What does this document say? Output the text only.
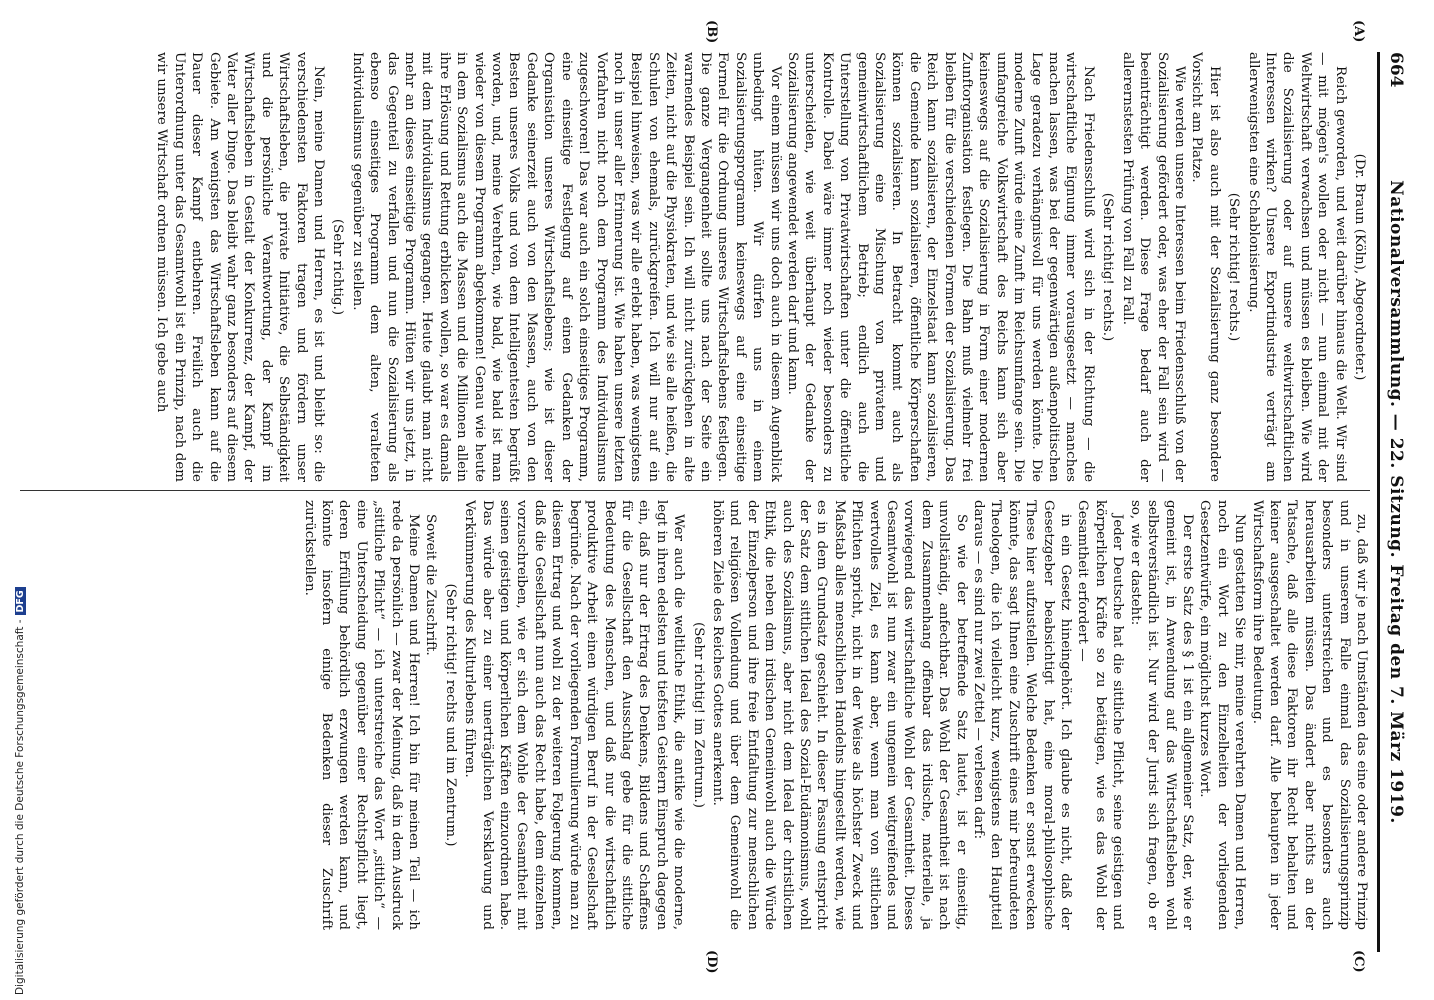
Digitalisierung gefördert durch die Deutsche Forschungsgemeinschaft -DFG
664
Nationalversammlung. — 22. Sitzung. Freitag den 7. März 1919.
(A)
(B)
(C)
(D)

(Dr. Braun (Köln), Abgeordneter.)

Reich geworden, und weit darüber hinaus die Welt. Wir sind — mit mögen's wollen oder nicht — nun einmal mit der Weltwirtschaft verwachsen und müssen es bleiben. Wie wird die Sozialisierung oder auf unsere weltwirtschaftlichen Interessen wirken? Unsere Exportindustrie verträgt am allerwenigsten eine Schablonisierung.

(Sehr richtig! rechts.)

Hier ist also auch mit der Sozialisierung ganz besondere Vorsicht am Platze.

Wie werden unsere Interessen beim Friedensschluß von der Sozialisierung gefördert oder, was eher der Fall sein wird — beeinträchtigt werden. Diese Frage bedarf auch der allerernstesten Prüfung von Fall zu Fall.

(Sehr richtig! rechts.)

Nach Friedensschluß wird sich in der Richtung — die wirtschaftliche Eignung immer vorausgesetzt — manches machen lassen, was bei der gegenwärtigen außenpolitischen Lage geradezu verhängnisvoll für uns werden könnte. Die moderne Zunft würde eine Zunft im Reichsumfange sein. Die umfangreiche Volkswirtschaft des Reichs kann sich aber keineswegs auf die Sozialisierung in Form einer modernen Zunftorganisation festlegen. Die Bahn muß vielmehr frei bleiben für die verschiedenen Formen der Sozialisierung. Das Reich kann sozialisieren, der Einzelstaat kann sozialisieren, die Gemeinde kann sozialisieren, öffentliche Körperschaften können sozialisieren. In Betracht kommt auch als Sozialisierung eine Mischung von privatem und gemeinwirtschaftlichem Betrieb; endlich auch die Unterstellung von Privatwirtschaften unter die öffentliche Kontrolle. Dabei wäre immer noch wieder besonders zu unterscheiden, wie weit überhaupt der Gedanke der Sozialisierung angewendet werden darf und kann.

Vor einem müssen wir uns doch auch in diesem Augenblick unbedingt hüten. Wir dürfen uns in einem Sozialisierungsprogramm keineswegs auf eine einseitige Formel für die Ordnung unseres Wirtschaftslebens festlegen. Die ganze Vergangenheit sollte uns nach der Seite ein warnendes Beispiel sein. Ich will nicht zurückgehen in alte Zeiten, nicht auf die Physiokraten, und wie sie alle heißen, die Schulen von ehemals, zurückgreifen. Ich will nur auf ein Beispiel hinweisen, was wir alle erlebt haben, was wenigstens noch in unser aller Erinnerung ist. Wie haben unsere letzten Vorfahren nicht noch dem Programm des Individualismus zugeschworen! Das war auch ein solch einseitiges Programm, eine einseitige Festlegung auf einen Gedanken der Organisation unseres Wirtschaftslebens; wie ist dieser Gedanke seinerzeit auch von den Massen, auch von den Besten unseres Volks und von dem Intelligentesten begrüßt worden, und, meine Verehrten, wie bald, wie bald ist man wieder von diesem Programm abgekommen! Genau wie heute in dem Sozialismus auch die Massen und die Millionen allein ihre Erlösung und Rettung erblicken wollen, so war es damals mit dem Individualismus gegangen. Heute glaubt man nicht mehr an dieses einseitige Programm. Hüten wir uns jetzt, in das Gegenteil zu verfallen und nun die Sozialisierung als ebenso einseitiges Programm dem alten, veralteten Individualismus gegenüber zu stellen.

(Sehr richtig.)

Nein, meine Damen und Herren, es ist und bleibt so: die verschiedensten Faktoren tragen und fördern unser Wirtschaftsleben, die private Initiative, die Selbständigkeit und die persönliche Verantwortung, der Kampf im Wirtschaftsleben in Gestalt der Konkurrenz, der Kampf, der Vater aller Dinge. Das bleibt wahr ganz besonders auf diesem Gebiete. Am wenigsten das Wirtschaftsleben kann auf die Dauer dieser Kampf entbehren. Freilich auch die Unterordnung unter das Gesamtwohl ist ein Prinzip, nach dem wir unsere Wirtschaft ordnen müssen. Ich gebe auch

zu, daß wir je nach Umständen das eine oder andere Prinzip und in unserem Falle einmal das Sozialisierungsprinzip besonders unterstreichen und es besonders auch herausarbeiten müssen. Das ändert aber nichts an der Tatsache, daß alle diese Faktoren ihr Recht behalten und keiner ausgeschaltet werden darf. Alle behaupten in jeder Wirtschaftsform ihre Bedeutung.

Nun gestatten Sie mir, meine verehrten Damen und Herren, noch ein Wort zu den Einzelheiten der vorliegenden Gesetzentwürfe, ein möglichst kurzes Wort.

Der erste Satz des § 1 ist ein allgemeiner Satz, der, wie er gemeint ist, in Anwendung auf das Wirtschaftsleben wohl selbstverständlich ist. Nur wird der Jurist sich fragen, ob er so, wie er dasteht:

Jeder Deutsche hat die sittliche Pflicht, seine geistigen und körperlichen Kräfte so zu betätigen, wie es das Wohl der Gesamtheit erfordert —

in ein Gesetz hineingehört. Ich glaube es nicht, daß der Gesetzgeber beabsichtigt hat, eine moral-philosophische These hier aufzustellen. Welche Bedenken er sonst erwecken könnte, das sagt Ihnen eine Zuschrift eines mir befreundeten Theologen, die ich vielleicht kurz, wenigstens den Hauptteil daraus — es sind nur zwei Zettel — verlesen darf:

So wie der betreffende Satz lautet, ist er einseitig, unvollständig, anfechtbar. Das Wohl der Gesamtheit ist nach dem Zusammenhang offenbar das irdische, materielle, ja vorwiegend das wirtschaftliche Wohl der Gesamtheit. Dieses Gesamtwohl ist nun zwar ein ungemein weitgreifendes und wertvolles Ziel, es kann aber, wenn man von sittlichen Pflichten spricht, nicht in der Weise als höchster Zweck und Maßstab alles menschlichen Handelns hingestellt werden, wie es in dem Grundsatz geschieht. In dieser Fassung entspricht der Satz dem sittlichen Ideal des Sozial-Eudämonismus, wohl auch des Sozialismus, aber nicht dem Ideal der christlichen Ethik, die neben dem irdischen Gemeinwohl auch die Würde der Einzelperson und ihre freie Entfaltung zur menschlichen und religiösen Vollendung und über dem Gemeinwohl die höheren Ziele des Reiches Gottes anerkennt.

(Sehr richtig! im Zentrum.)

Wer auch die weltliche Ethik, die antike wie die moderne, legt in ihren edelsten und tiefsten Geistern Einspruch dagegen ein, daß nur der Ertrag des Denkens, Bildens und Schaffens für die Gesellschaft den Ausschlag gebe für die sittliche Bedeutung des Menschen, und daß nur die wirtschaftlich produktive Arbeit einen würdigen Beruf in der Gesellschaft begründe. Nach der vorliegenden Formulierung würde man zu diesem Ertrag und wohl zu der weiteren Folgerung kommen, daß die Gesellschaft nun auch das Recht habe, dem einzelnen vorzuschreiben, wie er sich dem Wohle der Gesamtheit mit seinen geistigen und körperlichen Kräften einzuordnen habe. Das würde aber zu einer unerträglichen Versklavung und Verkümmerung des Kulturlebens führen.

(Sehr richtig! rechts und im Zentrum.)

Soweit die Zuschrift.

Meine Damen und Herren! Ich bin für meinen Teil — ich rede da persönlich — zwar der Meinung, daß in dem Ausdruck „sittliche Pflicht“ — ich unterstreiche das Wort „sittlich“ — eine Unterscheidung gegenüber einer Rechtspflicht liegt, deren Erfüllung behördlich erzwungen werden kann, und könnte insofern einige Bedenken dieser Zuschrift zurückstellen.
